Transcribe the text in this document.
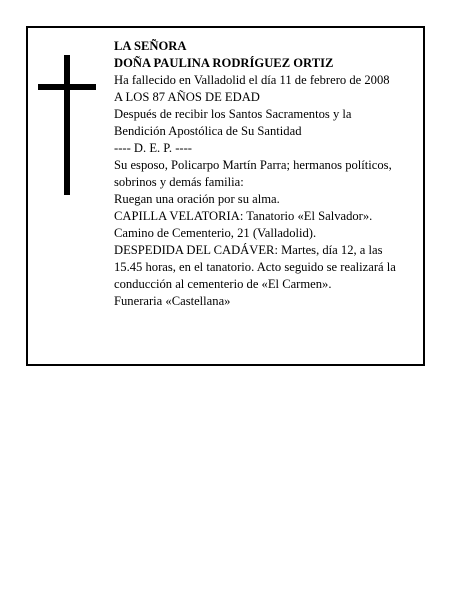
LA SEÑORA
DOÑA PAULINA RODRÍGUEZ ORTIZ
Ha fallecido en Valladolid el día 11 de febrero de 2008
A LOS 87 AÑOS DE EDAD
Después de recibir los Santos Sacramentos y la
Bendición Apostólica de Su Santidad
---- D. E. P. ----
Su esposo, Policarpo Martín Parra; hermanos políticos,
sobrinos y demás familia:
Ruegan una oración por su alma.
CAPILLA VELATORIA: Tanatorio «El Salvador».
Camino de Cementerio, 21 (Valladolid).
DESPEDIDA DEL CADÁVER: Martes, día 12, a las
15.45 horas, en el tanatorio. Acto seguido se realizará la
conducción al cementerio de «El Carmen».
Funeraria «Castellana»
